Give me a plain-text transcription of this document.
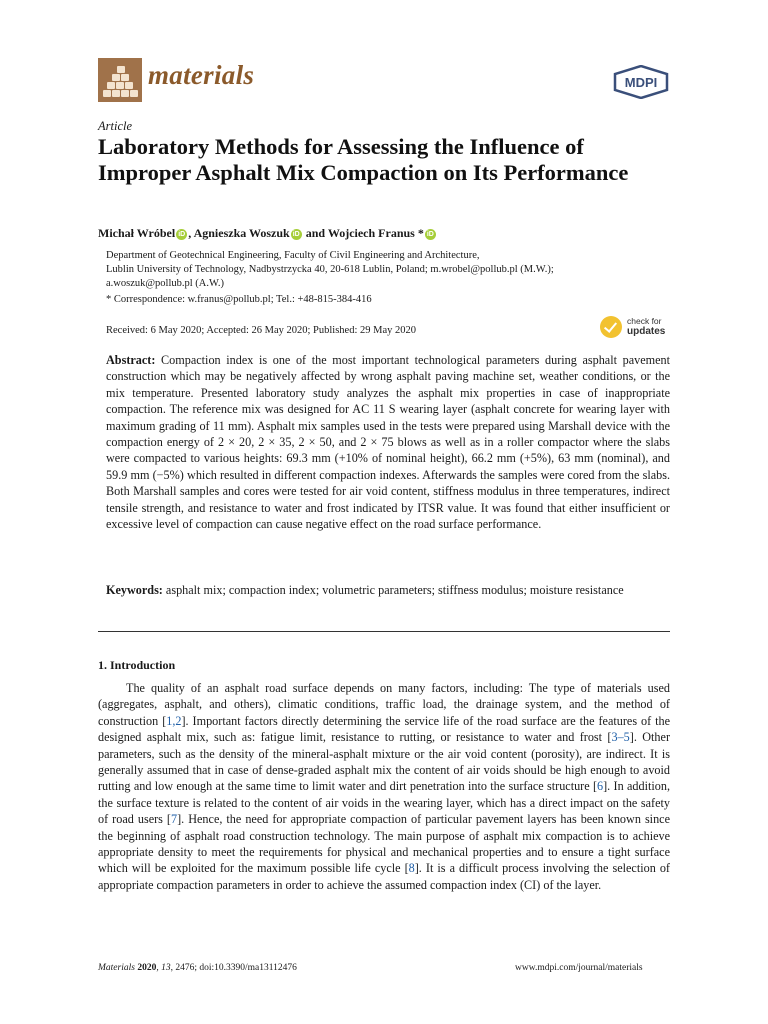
materials	MDPI
Article
Laboratory Methods for Assessing the Influence of Improper Asphalt Mix Compaction on Its Performance
Michał Wróbel iD , Agnieszka Woszuk iD and Wojciech Franus * iD
Department of Geotechnical Engineering, Faculty of Civil Engineering and Architecture,
Lublin University of Technology, Nadbystrzycka 40, 20-618 Lublin, Poland; m.wrobel@pollub.pl (M.W.);
a.woszuk@pollub.pl (A.W.)
* Correspondence: w.franus@pollub.pl; Tel.: +48-815-384-416
Received: 6 May 2020; Accepted: 26 May 2020; Published: 29 May 2020
check for
updates

Abstract: Compaction index is one of the most important technological parameters during asphalt pavement construction which may be negatively affected by wrong asphalt paving machine set, weather conditions, or the mix temperature. Presented laboratory study analyzes the asphalt mix properties in case of inappropriate compaction. The reference mix was designed for AC 11 S wearing layer (asphalt concrete for wearing layer with maximum grading of 11 mm). Asphalt mix samples used in the tests were prepared using Marshall device with the compaction energy of 2 × 20, 2 × 35, 2 × 50, and 2 × 75 blows as well as in a roller compactor where the slabs were compacted to various heights: 69.3 mm (+10% of nominal height), 66.2 mm (+5%), 63 mm (nominal), and 59.9 mm (−5%) which resulted in different compaction indexes. Afterwards the samples were cored from the slabs. Both Marshall samples and cores were tested for air void content, stiffness modulus in three temperatures, indirect tensile strength, and resistance to water and frost indicated by ITSR value. It was found that either insufficient or excessive level of compaction can cause negative effect on the road surface performance.

Keywords: asphalt mix; compaction index; volumetric parameters; stiffness modulus; moisture resistance

1. Introduction

The quality of an asphalt road surface depends on many factors, including: The type of materials used (aggregates, asphalt, and others), climatic conditions, traffic load, the drainage system, and the method of construction [1,2]. Important factors directly determining the service life of the road surface are the features of the designed asphalt mix, such as: fatigue limit, resistance to rutting, or resistance to water and frost [3–5]. Other parameters, such as the density of the mineral-asphalt mixture or the air void content (porosity), are indirect. It is generally assumed that in case of dense-graded asphalt mix the content of air voids should be high enough to avoid rutting and low enough at the same time to limit water and dirt penetration into the surface structure [6]. In addition, the surface texture is related to the content of air voids in the wearing layer, which has a direct impact on the safety of road users [7]. Hence, the need for appropriate compaction of particular pavement layers has been known since the beginning of asphalt road construction technology. The main purpose of asphalt mix compaction is to achieve appropriate density to meet the requirements for physical and mechanical properties and to ensure a tight surface which will be exploited for the maximum possible life cycle [8]. It is a difficult process involving the selection of appropriate compaction parameters in order to achieve the assumed compaction index (CI) of the layer.

Materials 2020, 13, 2476; doi:10.3390/ma13112476	www.mdpi.com/journal/materials
